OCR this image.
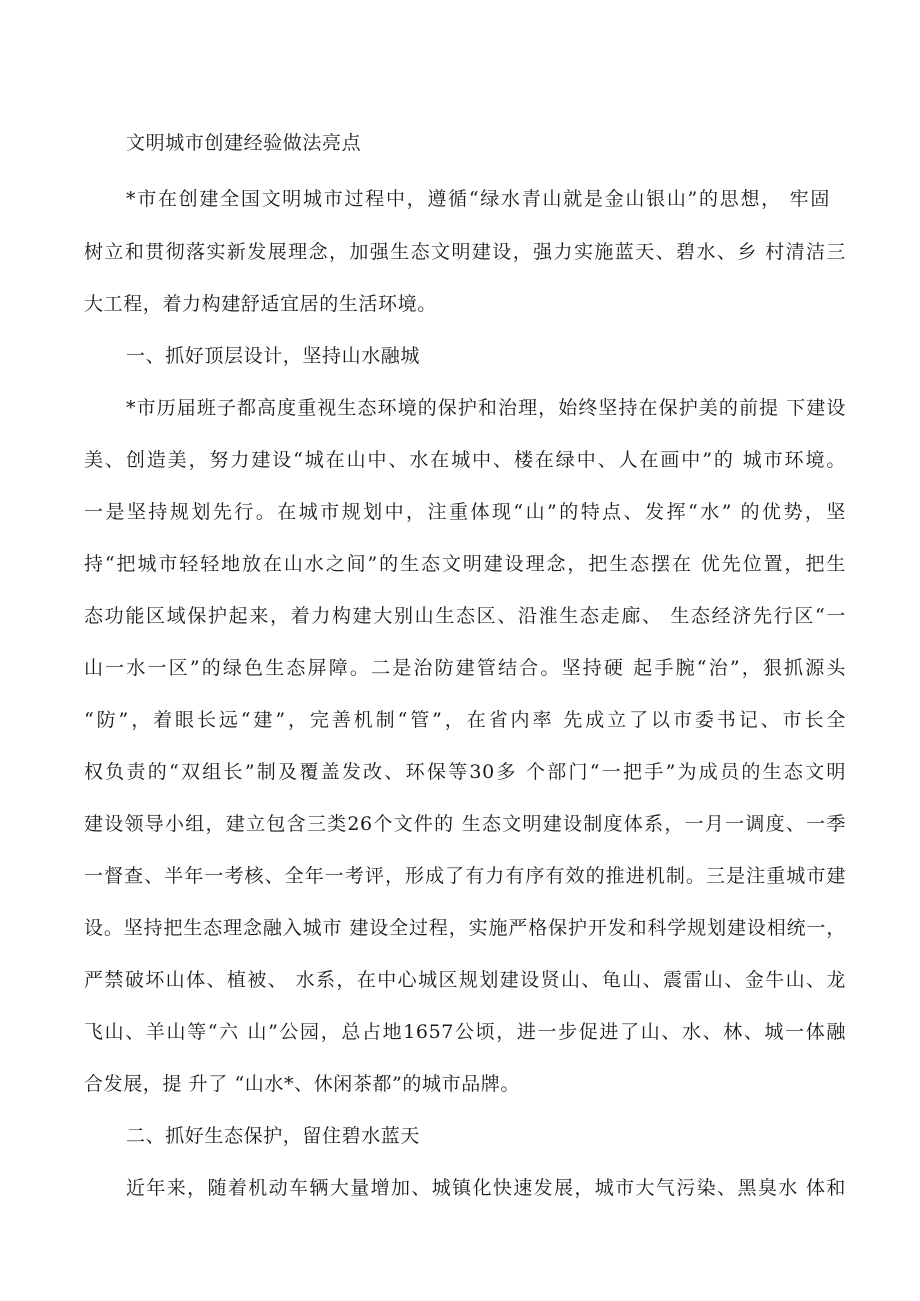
文明城市创建经验做法亮点
*市在创建全国文明城市过程中，遵循“绿水青山就是金山银山”的思想， 牢固
树立和贯彻落实新发展理念，加强生态文明建设，强力实施蓝天、碧水、乡 村清洁三
大工程，着力构建舒适宜居的生活环境。
一、抓好顶层设计，坚持山水融城
*市历届班子都高度重视生态环境的保护和治理，始终坚持在保护美的前提 下建设
美、创造美，努力建设“城在山中、水在城中、楼在绿中、人在画中”的 城市环境。
一是坚持规划先行。在城市规划中，注重体现“山”的特点、发挥“水” 的优势，坚
持“把城市轻轻地放在山水之间”的生态文明建设理念，把生态摆在 优先位置，把生
态功能区域保护起来，着力构建大别山生态区、沿淮生态走廊、 生态经济先行区“一
山一水一区”的绿色生态屏障。二是治防建管结合。坚持硬 起手腕“治”，狠抓源头
“防”，着眼长远“建”，完善机制“管”，在省内率 先成立了以市委书记、市长全
权负责的“双组长”制及覆盖发改、环保等30多 个部门“一把手”为成员的生态文明
建设领导小组，建立包含三类26个文件的 生态文明建设制度体系，一月一调度、一季
一督查、半年一考核、全年一考评，形成了有力有序有效的推进机制。三是注重城市建
设。坚持把生态理念融入城市 建设全过程，实施严格保护开发和科学规划建设相统一，
严禁破坏山体、植被、 水系，在中心城区规划建设贤山、龟山、震雷山、金牛山、龙
飞山、羊山等“六 山”公园，总占地1657公顷，进一步促进了山、水、林、城一体融
合发展，提 升了 “山水*、休闲茶都”的城市品牌。
二、抓好生态保护，留住碧水蓝天
近年来，随着机动车辆大量增加、城镇化快速发展，城市大气污染、黑臭水 体和
